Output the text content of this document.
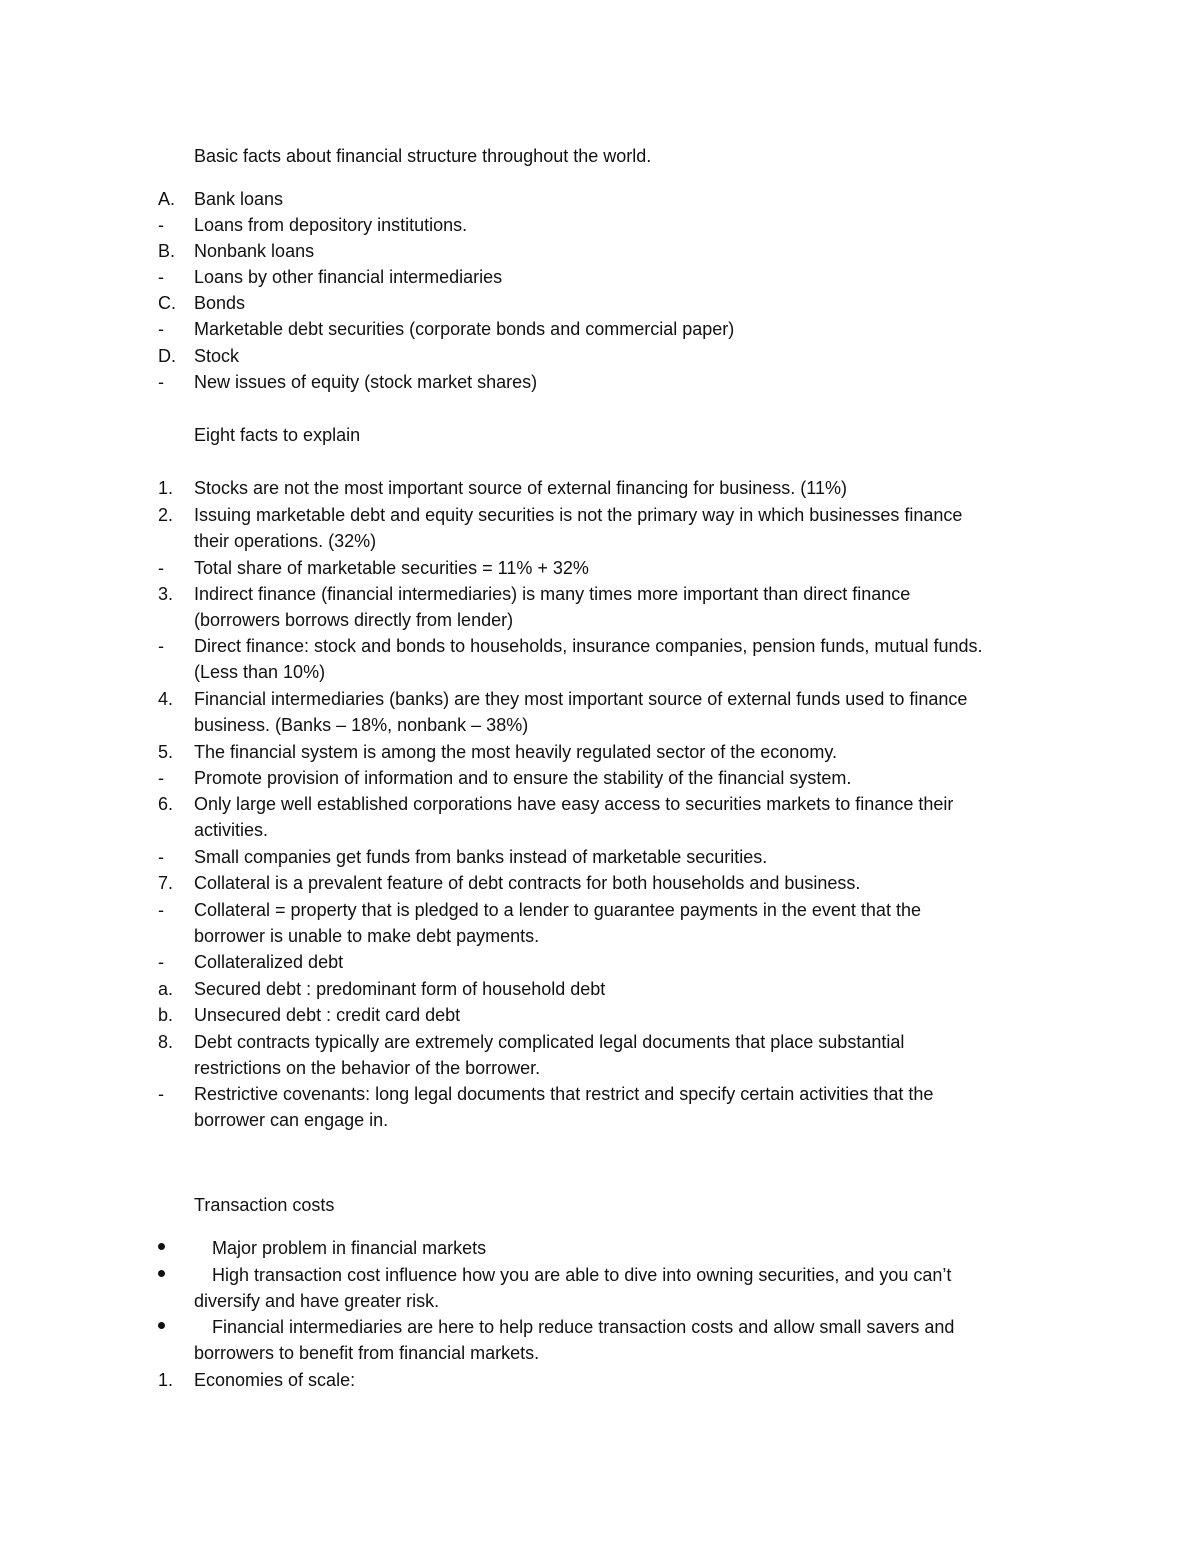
Basic facts about financial structure throughout the world.
A.	Bank loans
-	Loans from depository institutions.
B.	Nonbank loans
-	Loans by other financial intermediaries
C.	Bonds
-	Marketable debt securities (corporate bonds and commercial paper)
D.	Stock
-	New issues of equity (stock market shares)
Eight facts to explain
1.	Stocks are not the most important source of external financing for business. (11%)
2.	Issuing marketable debt and equity securities is not the primary way in which businesses finance
their operations. (32%)
-	Total share of marketable securities = 11% + 32%
3.	Indirect finance (financial intermediaries) is many times more important than direct finance
(borrowers borrows directly from lender)
-	Direct finance: stock and bonds to households, insurance companies, pension funds, mutual funds.
(Less than 10%)
4.	Financial intermediaries (banks) are they most important source of external funds used to finance
business. (Banks – 18%, nonbank – 38%)
5.	The financial system is among the most heavily regulated sector of the economy.
-	Promote provision of information and to ensure the stability of the financial system.
6.	Only large well established corporations have easy access to securities markets to finance their
activities.
-	Small companies get funds from banks instead of marketable securities.
7.	Collateral is a prevalent feature of debt contracts for both households and business.
-	Collateral = property that is pledged to a lender to guarantee payments in the event that the
borrower is unable to make debt payments.
-	Collateralized debt
a.	Secured debt : predominant form of household debt
b.	Unsecured debt : credit card debt
8.	Debt contracts typically are extremely complicated legal documents that place substantial
restrictions on the behavior of the borrower.
-	Restrictive covenants: long legal documents that restrict and specify certain activities that the
borrower can engage in.
Transaction costs
Major problem in financial markets
High transaction cost influence how you are able to dive into owning securities, and you can’t
diversify and have greater risk.
Financial intermediaries are here to help reduce transaction costs and allow small savers and
borrowers to benefit from financial markets.
1.	Economies of scale:
